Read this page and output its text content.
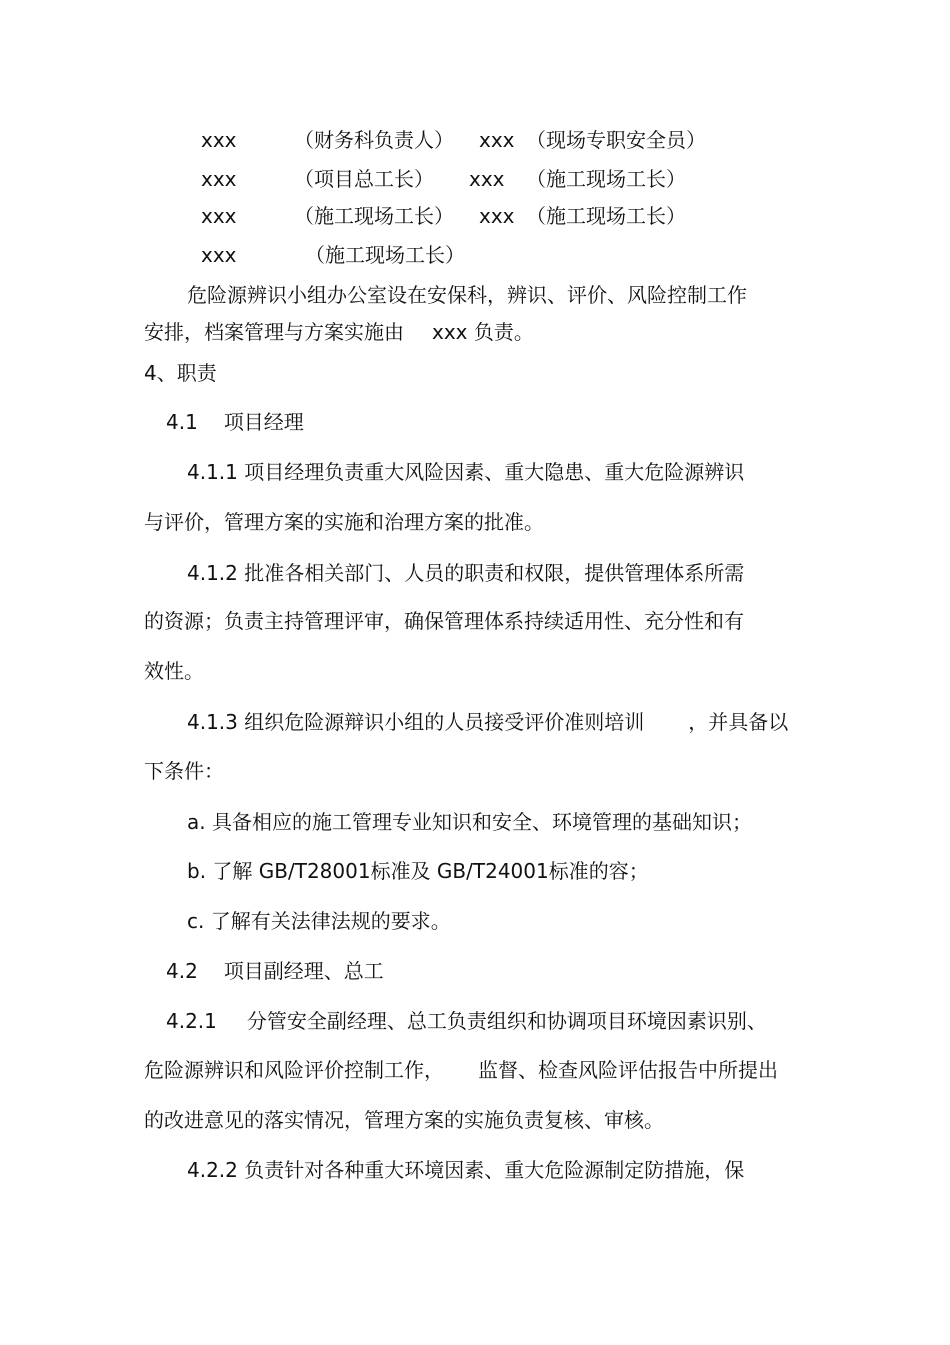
xxx	（财务科负责人） xxx （现场专职安全员）
xxx	（项目总工长） xxx （施工现场工长）
xxx	（施工现场工长） xxx （施工现场工长）
xxx	（施工现场工长）
危险源辨识小组办公室设在安保科，辨识、评价、风险控制工作
安排，档案管理与方案实施由 xxx 负责。
4、职责
4.1 项目经理
4.1.1 项目经理负责重大风险因素、重大隐患、重大危险源辨识
与评价，管理方案的实施和治理方案的批准。
4.1.2 批准各相关部门、人员的职责和权限，提供管理体系所需
的资源；负责主持管理评审，确保管理体系持续适用性、充分性和有
效性。
4.1.3 组织危险源辩识小组的人员接受评价准则培训 ，并具备以
下条件：
a. 具备相应的施工管理专业知识和安全、环境管理的基础知识；
b. 了解 GB/T28001标准及 GB/T24001标准的容；
c. 了解有关法律法规的要求。
4.2 项目副经理、总工
4.2.1 分管安全副经理、总工负责组织和协调项目环境因素识别、
危险源辨识和风险评价控制工作， 监督、检查风险评估报告中所提出
的改进意见的落实情况，管理方案的实施负责复核、审核。
4.2.2 负责针对各种重大环境因素、重大危险源制定防措施，保
